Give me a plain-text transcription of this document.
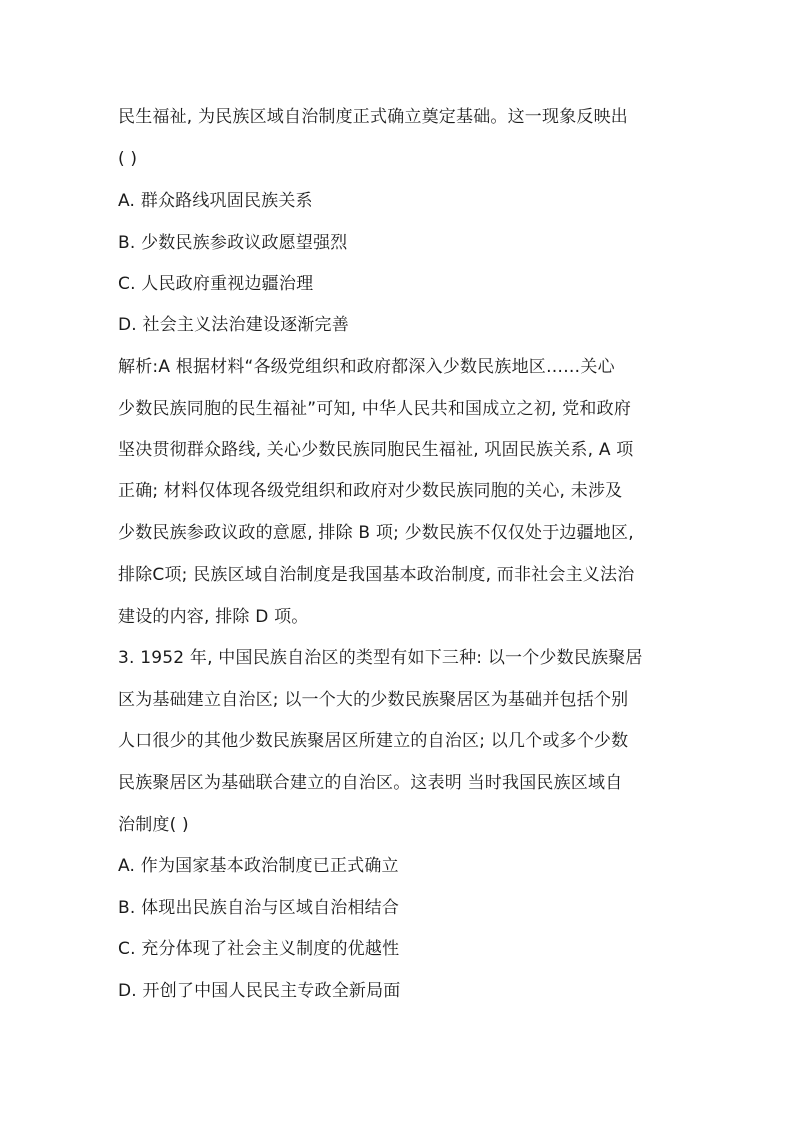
民生福祉, 为民族区域自治制度正式确立奠定基础。这一现象反映出
( )
A. 群众路线巩固民族关系
B. 少数民族参政议政愿望强烈
C. 人民政府重视边疆治理
D. 社会主义法治建设逐渐完善
解析:A 根据材料“各级党组织和政府都深入少数民族地区……关心
少数民族同胞的民生福祉”可知, 中华人民共和国成立之初, 党和政府
坚决贯彻群众路线, 关心少数民族同胞民生福祉, 巩固民族关系, A 项
正确; 材料仅体现各级党组织和政府对少数民族同胞的关心, 未涉及
少数民族参政议政的意愿, 排除 B 项; 少数民族不仅仅处于边疆地区,
排除C项; 民族区域自治制度是我国基本政治制度, 而非社会主义法治
建设的内容, 排除 D 项。
3. 1952 年, 中国民族自治区的类型有如下三种: 以一个少数民族聚居
区为基础建立自治区; 以一个大的少数民族聚居区为基础并包括个别
人口很少的其他少数民族聚居区所建立的自治区; 以几个或多个少数
民族聚居区为基础联合建立的自治区。这表明 当时我国民族区域自
治制度( )
A. 作为国家基本政治制度已正式确立
B. 体现出民族自治与区域自治相结合
C. 充分体现了社会主义制度的优越性
D. 开创了中国人民民主专政全新局面
